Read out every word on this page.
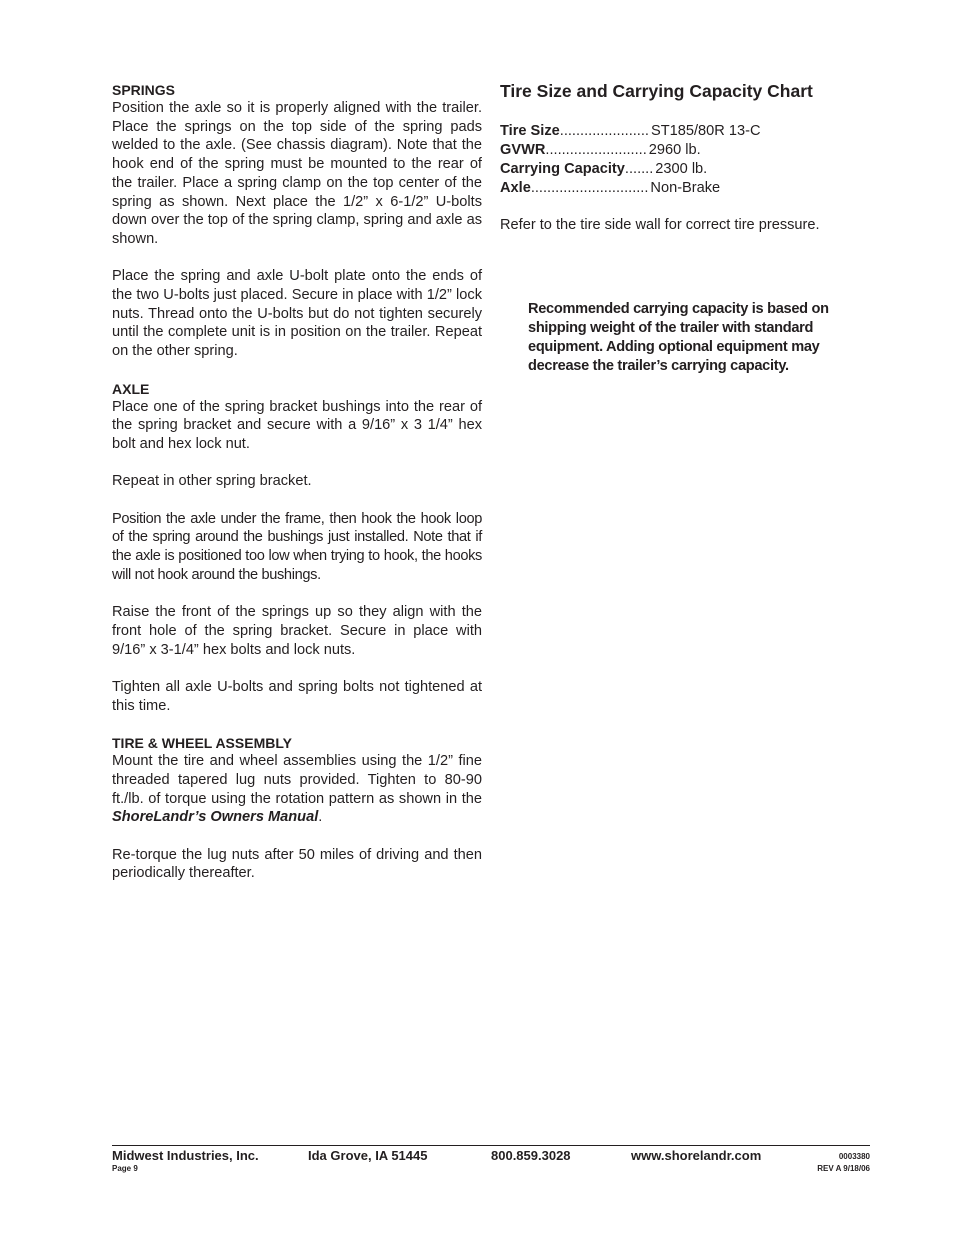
SPRINGS

Position the axle so it is properly aligned with the trailer. Place the springs on the top side of the spring pads welded to the axle. (See chassis diagram). Note that the hook end of the spring must be mounted to the rear of the trailer. Place a spring clamp on the top center of the spring as shown. Next place the 1/2” x 6-1/2” U-bolts down over the top of the spring clamp, spring and axle as shown.

Place the spring and axle U-bolt plate onto the ends of the two U-bolts just placed. Secure in place with 1/2” lock nuts. Thread onto the U-bolts but do not tighten securely until the complete unit is in position on the trailer. Repeat on the other spring.

AXLE

Place one of the spring bracket bushings into the rear of the spring bracket and secure with a 9/16” x 3 1/4” hex bolt and hex lock nut.

Repeat in other spring bracket.

Position the axle under the frame, then hook the hook loop of the spring around the bushings just installed. Note that if the axle is positioned too low when trying to hook, the hooks will not hook around the bushings.

Raise the front of the springs up so they align with the front hole of the spring bracket. Secure in place with 9/16” x 3-1/4” hex bolts and lock nuts.

Tighten all axle U-bolts and spring bolts not tightened at this time.

TIRE & WHEEL ASSEMBLY

Mount the tire and wheel assemblies using the 1/2” fine threaded tapered lug nuts provided. Tighten to 80-90 ft./lb. of torque using the rotation pattern as shown in the ShoreLandr’s Owners Manual.

Re-torque the lug nuts after 50 miles of driving and then periodically thereafter.

Tire Size and Carrying Capacity Chart
Tire Size ...................... ST185/80R 13-C
GVWR ......................... 2960 lb.
Carrying Capacity ....... 2300 lb.
Axle ............................. Non-Brake
Refer to the tire side wall for correct tire pressure.
Recommended carrying capacity is based on shipping weight of the trailer with standard equipment. Adding optional equipment may decrease the trailer’s carrying capacity.
Midwest Industries, Inc.	Ida Grove, IA 51445	800.859.3028	www.shorelandr.com
Page 9
0003380
REV A 9/18/06
